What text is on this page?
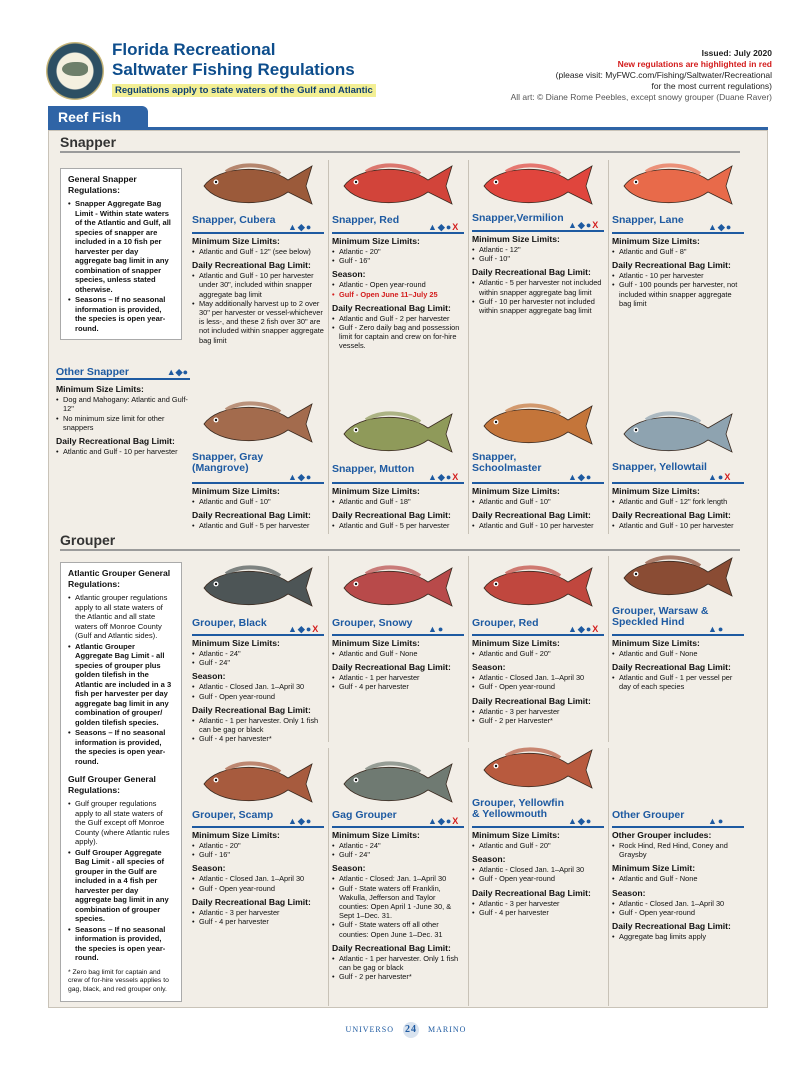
Florida Recreational
Saltwater Fishing Regulations
Regulations apply to state waters of the Gulf and Atlantic
Issued: July 2020
New regulations are highlighted in red
(please visit: MyFWC.com/Fishing/Saltwater/Recreational
for the most current regulations)
All art: © Diane Rome Peebles, except snowy grouper (Duane Raver)
Reef Fish
Snapper
General Snapper Regulations:
• Snapper Aggregate Bag Limit - Within state waters of the Atlantic and Gulf, all species of snapper are included in a 10 fish per harvester per day aggregate bag limit in any combination of snapper species, unless stated otherwise.
• Seasons – If no seasonal information is provided, the species is open year-round.
Other Snapper	▲◆●
Minimum Size Limits:
• Dog and Mahogany: Atlantic and Gulf- 12"
• No minimum size limit for other snappers
Daily Recreational Bag Limit:
• Atlantic and Gulf - 10 per harvester
Grouper
Atlantic Grouper General Regulations:
• Atlantic grouper regulations apply to all state waters of the Atlantic and all state waters off Monroe County (Gulf and Atlantic sides).
• Atlantic Grouper Aggregate Bag Limit - all species of grouper plus golden tilefish in the Atlantic are included in a 3 fish per harvester per day aggregate bag limit in any combination of grouper/ golden tilefish species.
• Seasons – If no seasonal information is provided, the species is open year-round.
Gulf Grouper General Regulations:
• Gulf grouper regulations apply to all state waters of the Gulf except off Monroe County (where Atlantic rules apply).
• Gulf Grouper Aggregate Bag Limit - all species of grouper in the Gulf are included in a 4 fish per harvester per day aggregate bag limit in any combination of grouper species.
• Seasons – If no seasonal information is provided, the species is open year-round.
* Zero bag limit for captain and crew of for-hire vessels applies to gag, black, and red grouper only.
Snapper, Cubera
▲◆●
Minimum Size Limits:
• Atlantic and Gulf - 12" (see below)
Daily Recreational Bag Limit:
• Atlantic and Gulf - 10 per harvester under 30", included within snapper aggregate bag limit
• May additionally harvest up to 2 over 30" per harvester or vessel-whichever is less-, and these 2 fish over 30" are not included within snapper aggregate bag limit
Snapper, Red
▲◆●X
Minimum Size Limits:
• Atlantic - 20"
• Gulf - 16"
Season:
• Atlantic - Open year-round
• Gulf - Open June 11–July 25
Daily Recreational Bag Limit:
• Atlantic and Gulf - 2 per harvester
• Gulf - Zero daily bag and possession limit for captain and crew on for-hire vessels.
Snapper,Vermilion
▲◆●X
Minimum Size Limits:
• Atlantic - 12"
• Gulf - 10"
Daily Recreational Bag Limit:
• Atlantic - 5 per harvester not included within snapper aggregate bag limit
• Gulf - 10 per harvester not included within snapper aggregate bag limit
Snapper, Lane
▲◆●
Minimum Size Limits:
• Atlantic and Gulf - 8"
Daily Recreational Bag Limit:
• Atlantic - 10 per harvester
• Gulf - 100 pounds per harvester, not included within snapper aggregate bag limit
Snapper, Gray (Mangrove)
▲◆●
Minimum Size Limits:
• Atlantic and Gulf - 10"
Daily Recreational Bag Limit:
• Atlantic and Gulf - 5 per harvester
Snapper, Mutton
▲◆●X
Minimum Size Limits:
• Atlantic and Gulf - 18"
Daily Recreational Bag Limit:
• Atlantic and Gulf - 5 per harvester
Snapper, Schoolmaster
▲◆●
Minimum Size Limits:
• Atlantic and Gulf - 10"
Daily Recreational Bag Limit:
• Atlantic and Gulf - 10 per harvester
Snapper, Yellowtail
▲●X
Minimum Size Limits:
• Atlantic and Gulf - 12" fork length
Daily Recreational Bag Limit:
• Atlantic and Gulf - 10 per harvester
Grouper, Black	▲◆●X
Minimum Size Limits:
• Atlantic - 24"
• Gulf - 24"
Season:
• Atlantic - Closed Jan. 1–April 30
• Gulf - Open year-round
Daily Recreational Bag Limit:
• Atlantic - 1 per harvester. Only 1 fish can be gag or black
• Gulf - 4 per harvester*
Grouper, Snowy	▲●
Minimum Size Limits:
• Atlantic and Gulf - None
Daily Recreational Bag Limit:
• Atlantic - 1 per harvester
• Gulf - 4 per harvester
Grouper, Red	▲◆●X
Minimum Size Limits:
• Atlantic and Gulf - 20"
Season:
• Atlantic - Closed Jan. 1–April 30
• Gulf - Open year-round
Daily Recreational Bag Limit:
• Atlantic - 3 per harvester
• Gulf - 2 per Harvester*
Grouper, Warsaw & Speckled Hind
▲●
Minimum Size Limits:
• Atlantic and Gulf - None
Daily Recreational Bag Limit:
• Atlantic and Gulf - 1 per vessel per day of each species
Grouper, Scamp	▲◆●
Minimum Size Limits:
• Atlantic - 20"
• Gulf - 16"
Season:
• Atlantic - Closed Jan. 1–April 30
• Gulf - Open year-round
Daily Recreational Bag Limit:
• Atlantic - 3 per harvester
• Gulf - 4 per harvester
Gag Grouper	▲◆●X
Minimum Size Limits:
• Atlantic - 24"
• Gulf - 24"
Season:
• Atlantic - Closed: Jan. 1–April 30
• Gulf - State waters off Franklin, Wakulla, Jefferson and Taylor counties: Open April 1 -June 30, & Sept 1–Dec. 31.
• Gulf - State waters off all other counties: Open June 1–Dec. 31
Daily Recreational Bag Limit:
• Atlantic - 1 per harvester. Only 1 fish can be gag or black
• Gulf - 2 per harvester*
Grouper, Yellowfin & Yellowmouth
▲◆●
Minimum Size Limits:
• Atlantic and Gulf - 20"
Season:
• Atlantic - Closed Jan. 1–April 30
• Gulf - Open year-round
Daily Recreational Bag Limit:
• Atlantic - 3 per harvester
• Gulf - 4 per harvester
Other Grouper	▲●
Other Grouper includes:
• Rock Hind, Red Hind, Coney and Graysby
Minimum Size Limit:
• Atlantic and Gulf - None
Season:
• Atlantic - Closed Jan. 1–April 30
• Gulf - Open year-round
Daily Recreational Bag Limit:
• Aggregate bag limits apply
UNIVERSO 24 MARINO
